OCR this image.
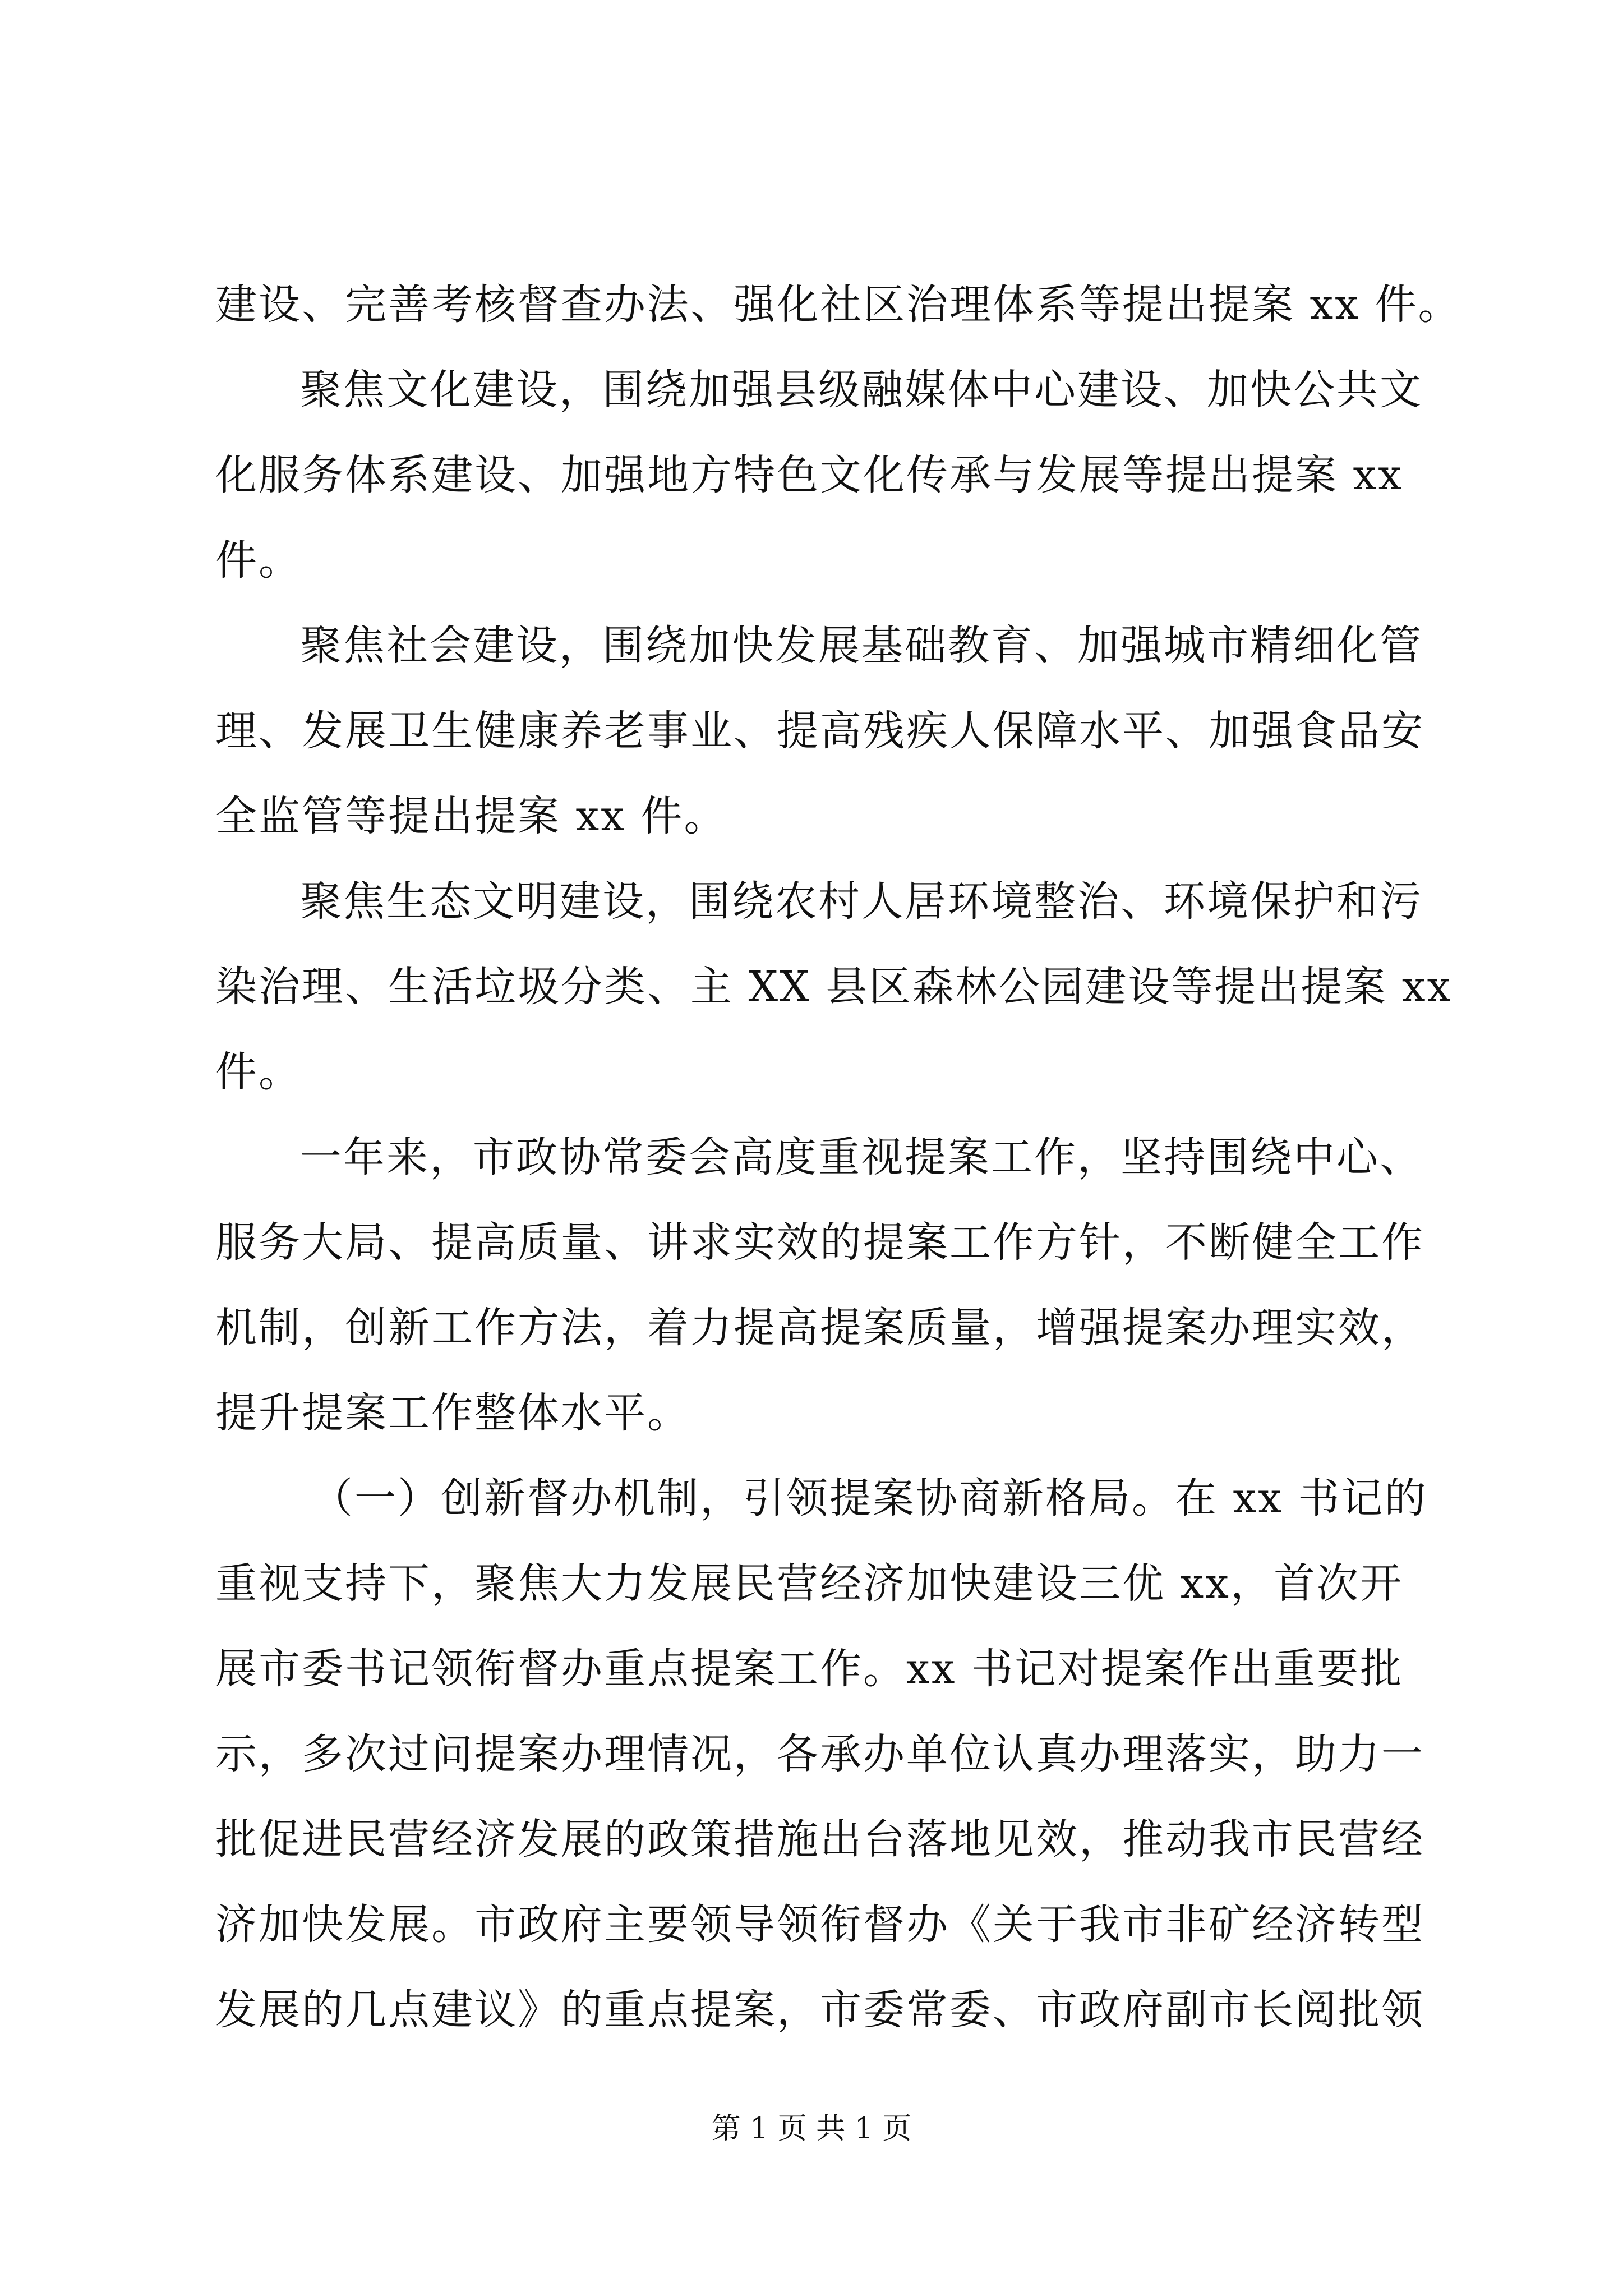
建设、完善考核督查办法、强化社区治理体系等提出提案 xx 件。
聚焦文化建设，围绕加强县级融媒体中心建设、加快公共文
化服务体系建设、加强地方特色文化传承与发展等提出提案 xx
件。
聚焦社会建设，围绕加快发展基础教育、加强城市精细化管
理、发展卫生健康养老事业、提高残疾人保障水平、加强食品安
全监管等提出提案 xx 件。
聚焦生态文明建设，围绕农村人居环境整治、环境保护和污
染治理、生活垃圾分类、主 XX 县区森林公园建设等提出提案 xx
件。
一年来，市政协常委会高度重视提案工作，坚持围绕中心、
服务大局、提高质量、讲求实效的提案工作方针，不断健全工作
机制，创新工作方法，着力提高提案质量，增强提案办理实效，
提升提案工作整体水平。
（一）创新督办机制，引领提案协商新格局。在 xx 书记的
重视支持下，聚焦大力发展民营经济加快建设三优 xx，首次开
展市委书记领衔督办重点提案工作。xx 书记对提案作出重要批
示，多次过问提案办理情况，各承办单位认真办理落实，助力一
批促进民营经济发展的政策措施出台落地见效，推动我市民营经
济加快发展。市政府主要领导领衔督办《关于我市非矿经济转型
发展的几点建议》的重点提案，市委常委、市政府副市长阅批领
第 1 页 共 1 页
